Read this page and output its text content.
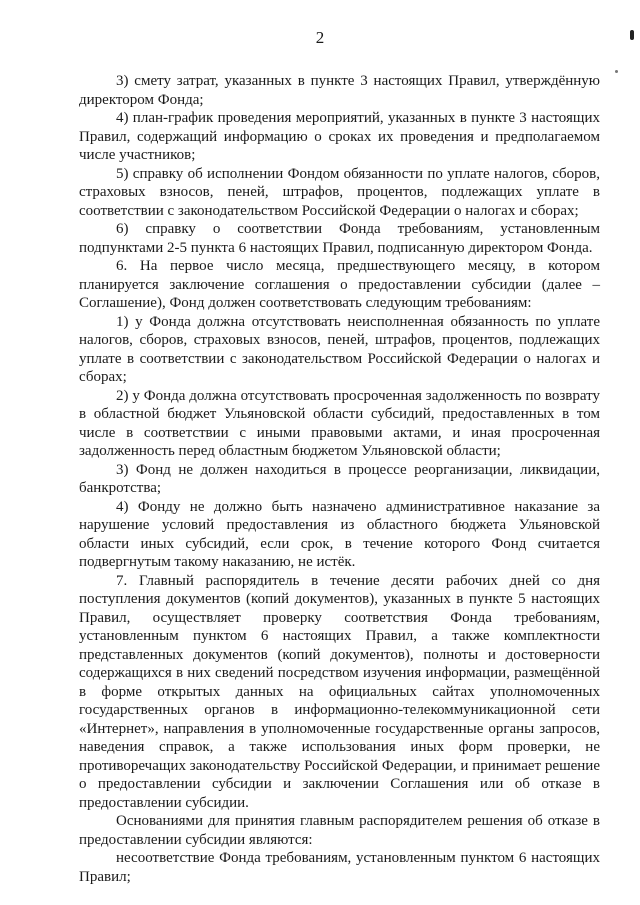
2

3) смету затрат, указанных в пункте 3 настоящих Правил, утверждённую директором Фонда;

4) план-график проведения мероприятий, указанных в пункте 3 настоящих Правил, содержащий информацию о сроках их проведения и предполагаемом числе участников;

5) справку об исполнении Фондом обязанности по уплате налогов, сборов, страховых взносов, пеней, штрафов, процентов, подлежащих уплате в соответствии с законодательством Российской Федерации о налогах и сборах;

6) справку о соответствии Фонда требованиям, установленным подпунктами 2-5 пункта 6 настоящих Правил, подписанную директором Фонда.

6. На первое число месяца, предшествующего месяцу, в котором планируется заключение соглашения о предоставлении субсидии (далее – Соглашение), Фонд должен соответствовать следующим требованиям:

1) у Фонда должна отсутствовать неисполненная обязанность по уплате налогов, сборов, страховых взносов, пеней, штрафов, процентов, подлежащих уплате в соответствии с законодательством Российской Федерации о налогах и сборах;

2) у Фонда должна отсутствовать просроченная задолженность по возврату в областной бюджет Ульяновской области субсидий, предоставленных в том числе в соответствии с иными правовыми актами, и иная просроченная задолженность перед областным бюджетом Ульяновской области;

3) Фонд не должен находиться в процессе реорганизации, ликвидации, банкротства;

4) Фонду не должно быть назначено административное наказание за нарушение условий предоставления из областного бюджета Ульяновской области иных субсидий, если срок, в течение которого Фонд считается подвергнутым такому наказанию, не истёк.

7. Главный распорядитель в течение десяти рабочих дней со дня поступления документов (копий документов), указанных в пункте 5 настоящих Правил, осуществляет проверку соответствия Фонда требованиям, установленным пунктом 6 настоящих Правил, а также комплектности представленных документов (копий документов), полноты и достоверности содержащихся в них сведений посредством изучения информации, размещённой в форме открытых данных на официальных сайтах уполномоченных государственных органов в информационно-телекоммуникационной сети «Интернет», направления в уполномоченные государственные органы запросов, наведения справок, а также использования иных форм проверки, не противоречащих законодательству Российской Федерации, и принимает решение о предоставлении субсидии и заключении Соглашения или об отказе в предоставлении субсидии.

Основаниями для принятия главным распорядителем решения об отказе в предоставлении субсидии являются:

несоответствие Фонда требованиям, установленным пунктом 6 настоящих Правил;
